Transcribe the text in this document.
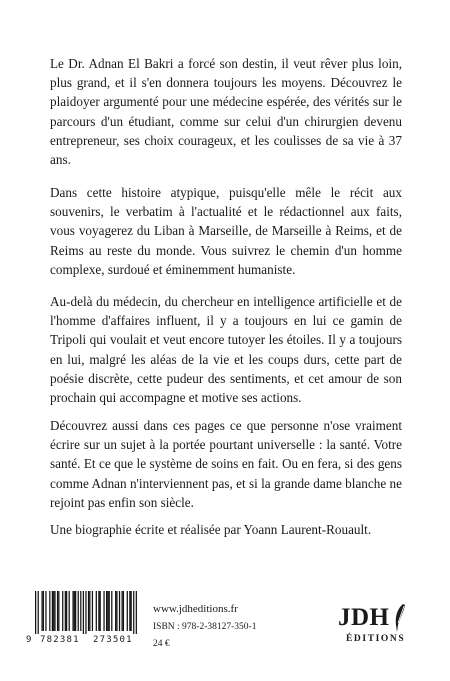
Le Dr. Adnan El Bakri a forcé son destin, il veut rêver plus loin, plus grand, et il s'en donnera toujours les moyens. Découvrez le plaidoyer argumenté pour une médecine espérée, des vérités sur le parcours d'un étudiant, comme sur celui d'un chirurgien devenu entrepreneur, ses choix courageux, et les coulisses de sa vie à 37 ans.

Dans cette histoire atypique, puisqu'elle mêle le récit aux souvenirs, le verbatim à l'actualité et le rédactionnel aux faits, vous voyagerez du Liban à Marseille, de Marseille à Reims, et de Reims au reste du monde. Vous suivrez le chemin d'un homme complexe, surdoué et éminemment humaniste.

Au-delà du médecin, du chercheur en intelligence artificielle et de l'homme d'affaires influent, il y a toujours en lui ce gamin de Tripoli qui voulait et veut encore tutoyer les étoiles. Il y a toujours en lui, malgré les aléas de la vie et les coups durs, cette part de poésie discrète, cette pudeur des sentiments, et cet amour de son prochain qui accompagne et motive ses actions.

Découvrez aussi dans ces pages ce que personne n'ose vraiment écrire sur un sujet à la portée pourtant universelle : la santé. Votre santé. Et ce que le système de soins en fait. Ou en fera, si des gens comme Adnan n'interviennent pas, et si la grande dame blanche ne rejoint pas enfin son siècle.

Une biographie écrite et réalisée par Yoann Laurent-Rouault.
9 782381 273501
www.jdheditions.fr
ISBN : 978-2-38127-350-1
24 €
JDH
ÉDITIONS
